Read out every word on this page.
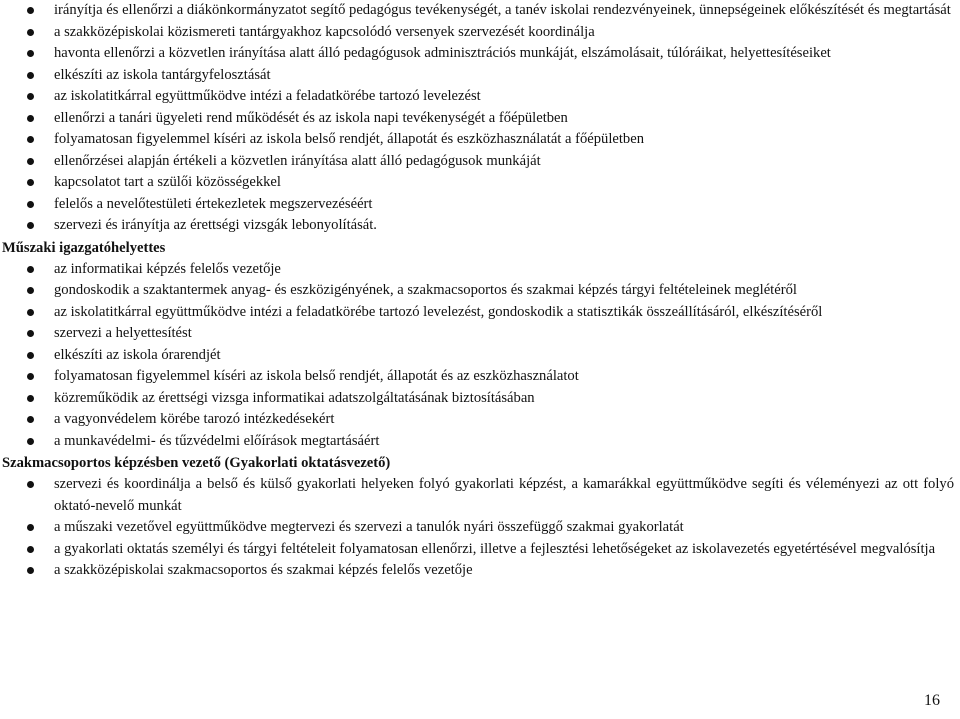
irányítja és ellenőrzi a diákönkormányzatot segítő pedagógus tevékenységét, a tanév iskolai rendezvényeinek, ünnepségeinek előkészítését és megtartását
a szakközépiskolai közismereti tantárgyakhoz kapcsolódó versenyek szervezését koordinálja
havonta ellenőrzi a közvetlen irányítása alatt álló pedagógusok adminisztrációs munkáját, elszámolásait, túlóráikat, helyettesítéseiket
elkészíti az iskola tantárgyfelosztását
az iskolatitkárral együttműködve intézi a feladatkörébe tartozó levelezést
ellenőrzi a tanári ügyeleti rend működését és az iskola napi tevékenységét a főépületben
folyamatosan figyelemmel kíséri az iskola belső rendjét, állapotát és eszközhasználatát a főépületben
ellenőrzései alapján értékeli a közvetlen irányítása alatt álló pedagógusok munkáját
kapcsolatot tart a szülői közösségekkel
felelős a nevelőtestületi értekezletek megszervezéséért
szervezi és irányítja az érettségi vizsgák lebonyolítását.
Műszaki igazgatóhelyettes
az informatikai képzés felelős vezetője
gondoskodik a szaktantermek anyag- és eszközigényének, a szakmacsoportos és szakmai képzés tárgyi feltételeinek meglétéről
az iskolatitkárral együttműködve intézi a feladatkörébe tartozó levelezést, gondoskodik a statisztikák összeállításáról, elkészítéséről
szervezi a helyettesítést
elkészíti az iskola órarendjét
folyamatosan figyelemmel kíséri az iskola belső rendjét, állapotát és az eszközhasználatot
közreműködik az érettségi vizsga informatikai adatszolgáltatásának biztosításában
a vagyonvédelem körébe tarozó intézkedésekért
a munkavédelmi- és tűzvédelmi előírások megtartásáért
Szakmacsoportos képzésben vezető (Gyakorlati oktatásvezető)
szervezi és koordinálja a belső és külső gyakorlati helyeken folyó gyakorlati képzést, a kamarákkal együttműködve segíti és véleményezi az ott folyó oktató-nevelő munkát
a műszaki vezetővel együttműködve megtervezi és szervezi a tanulók nyári összefüggő szakmai gyakorlatát
a gyakorlati oktatás személyi és tárgyi feltételeit folyamatosan ellenőrzi, illetve a fejlesztési lehetőségeket az iskolavezetés egyetértésével megvalósítja
a szakközépiskolai szakmacsoportos és szakmai képzés felelős vezetője
16
